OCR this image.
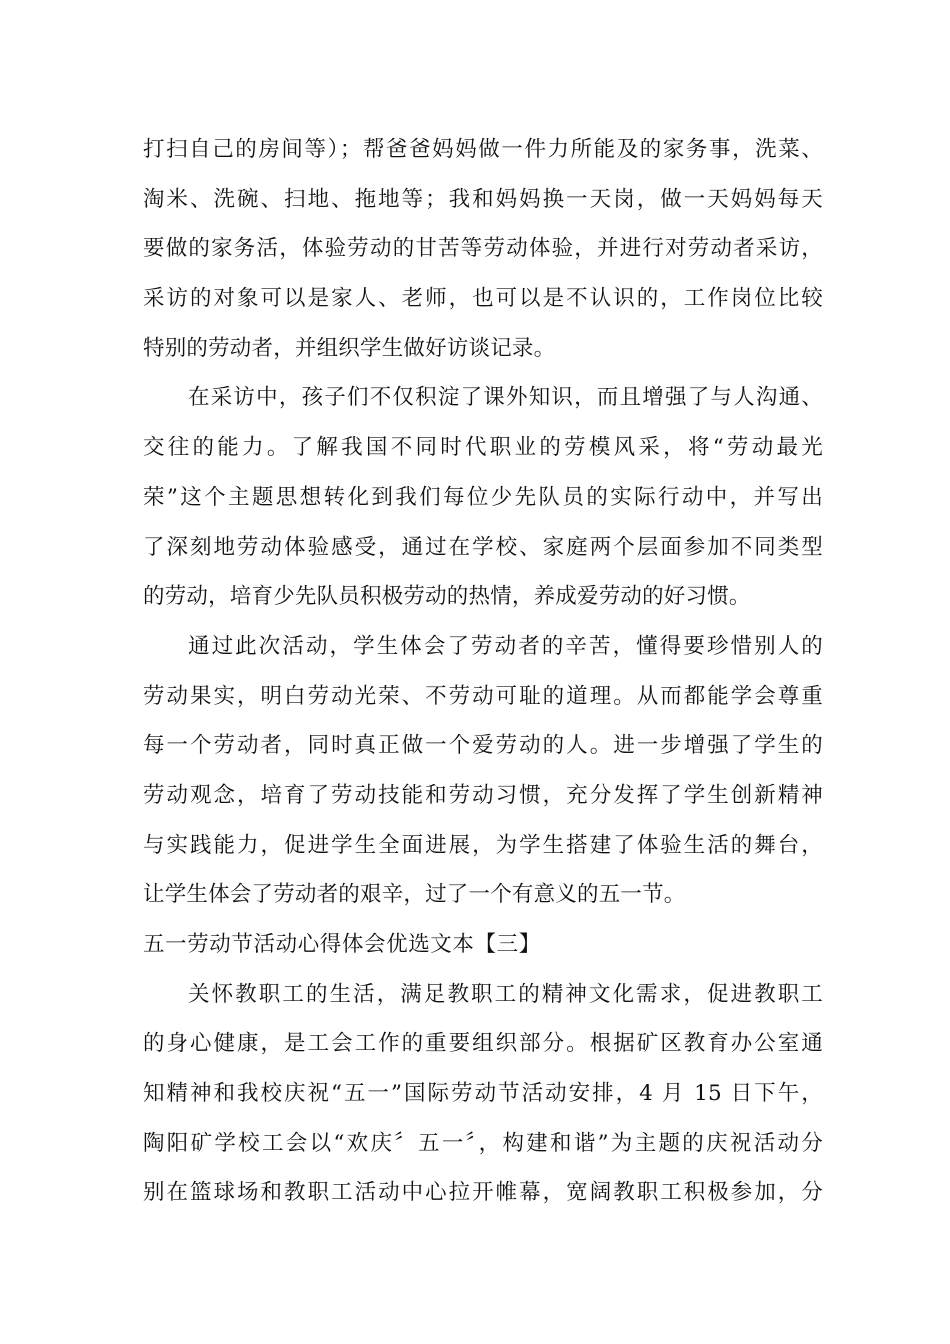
打扫自己的房间等）；帮爸爸妈妈做一件力所能及的家务事，洗菜、
淘米、洗碗、扫地、拖地等；我和妈妈换一天岗，做一天妈妈每天
要做的家务活，体验劳动的甘苦等劳动体验，并进行对劳动者采访，
采访的对象可以是家人、老师，也可以是不认识的，工作岗位比较
特别的劳动者，并组织学生做好访谈记录。
在采访中，孩子们不仅积淀了课外知识，而且增强了与人沟通、
交往的能力。了解我国不同时代职业的劳模风采，将“劳动最光
荣”这个主题思想转化到我们每位少先队员的实际行动中，并写出
了深刻地劳动体验感受，通过在学校、家庭两个层面参加不同类型
的劳动，培育少先队员积极劳动的热情，养成爱劳动的好习惯。
通过此次活动，学生体会了劳动者的辛苦，懂得要珍惜别人的
劳动果实，明白劳动光荣、不劳动可耻的道理。从而都能学会尊重
每一个劳动者，同时真正做一个爱劳动的人。进一步增强了学生的
劳动观念，培育了劳动技能和劳动习惯，充分发挥了学生创新精神
与实践能力，促进学生全面进展，为学生搭建了体验生活的舞台，
让学生体会了劳动者的艰辛，过了一个有意义的五一节。
五一劳动节活动心得体会优选文本【三】
关怀教职工的生活，满足教职工的精神文化需求，促进教职工
的身心健康，是工会工作的重要组织部分。根据矿区教育办公室通
知精神和我校庆祝“五一”国际劳动节活动安排，4 月 15 日下午，
陶阳矿学校工会以“欢庆〞五一〞，构建和谐”为主题的庆祝活动分
别在篮球场和教职工活动中心拉开帷幕，宽阔教职工积极参加，分
